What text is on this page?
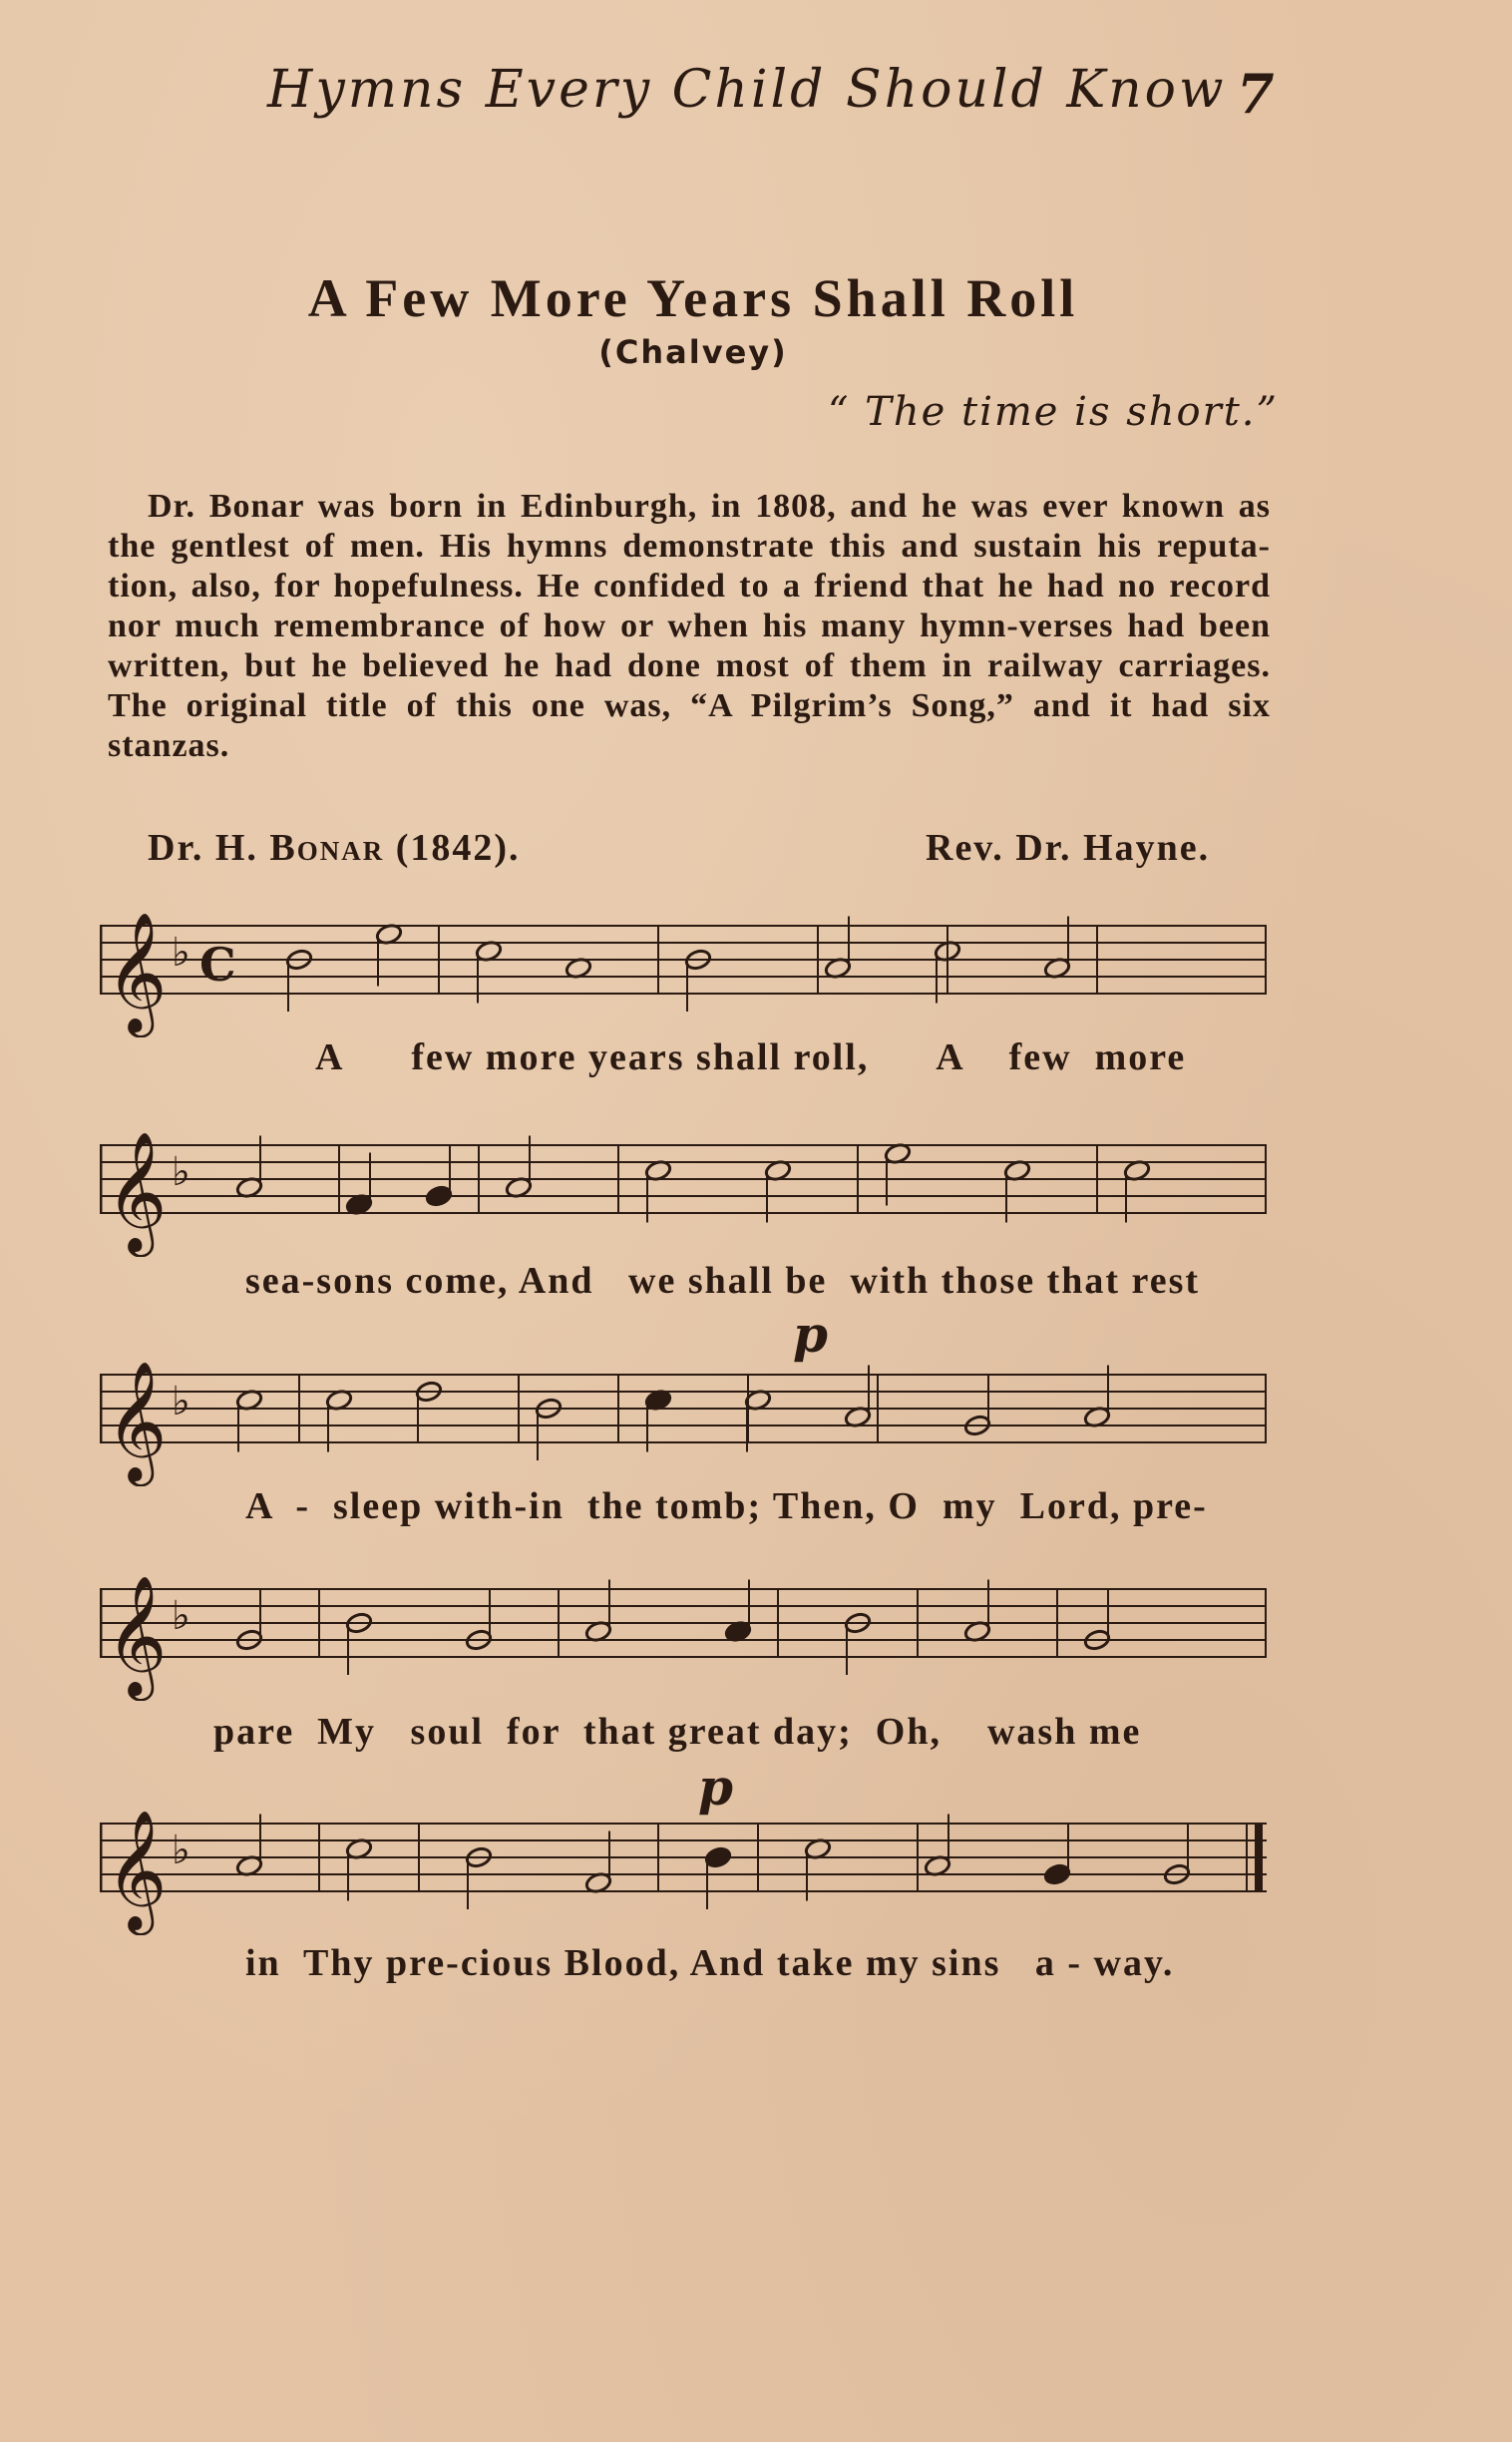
Hymns Every Child Should Know 7
A Few More Years Shall Roll
(Chalvey)
“ The time is short.”
Dr. Bonar was born in Edinburgh, in 1808, and he was ever known as the gentlest of men. His hymns demonstrate this and sustain his reputa-tion, also, for hopefulness. He confided to a friend that he had no record nor much remembrance of how or when his many hymn-verses had been written, but he believed he had done most of them in railway carriages. The original title of this one was, “A Pilgrim’s Song,” and it had six stanzas.
Dr. H. Bonar (1842).	Rev. Dr. Hayne.
𝄞 ♭ C
A      few more years shall roll,      A    few  more
𝄞 ♭
sea-sons come, And   we shall be  with those that rest
p
𝄞 ♭
A  -  sleep with-in  the tomb; Then, O  my  Lord, pre-
𝄞 ♭
pare  My   soul  for  that great day;  Oh,    wash me
p
𝄞 ♭
in  Thy pre-cious Blood, And take my sins   a - way.
